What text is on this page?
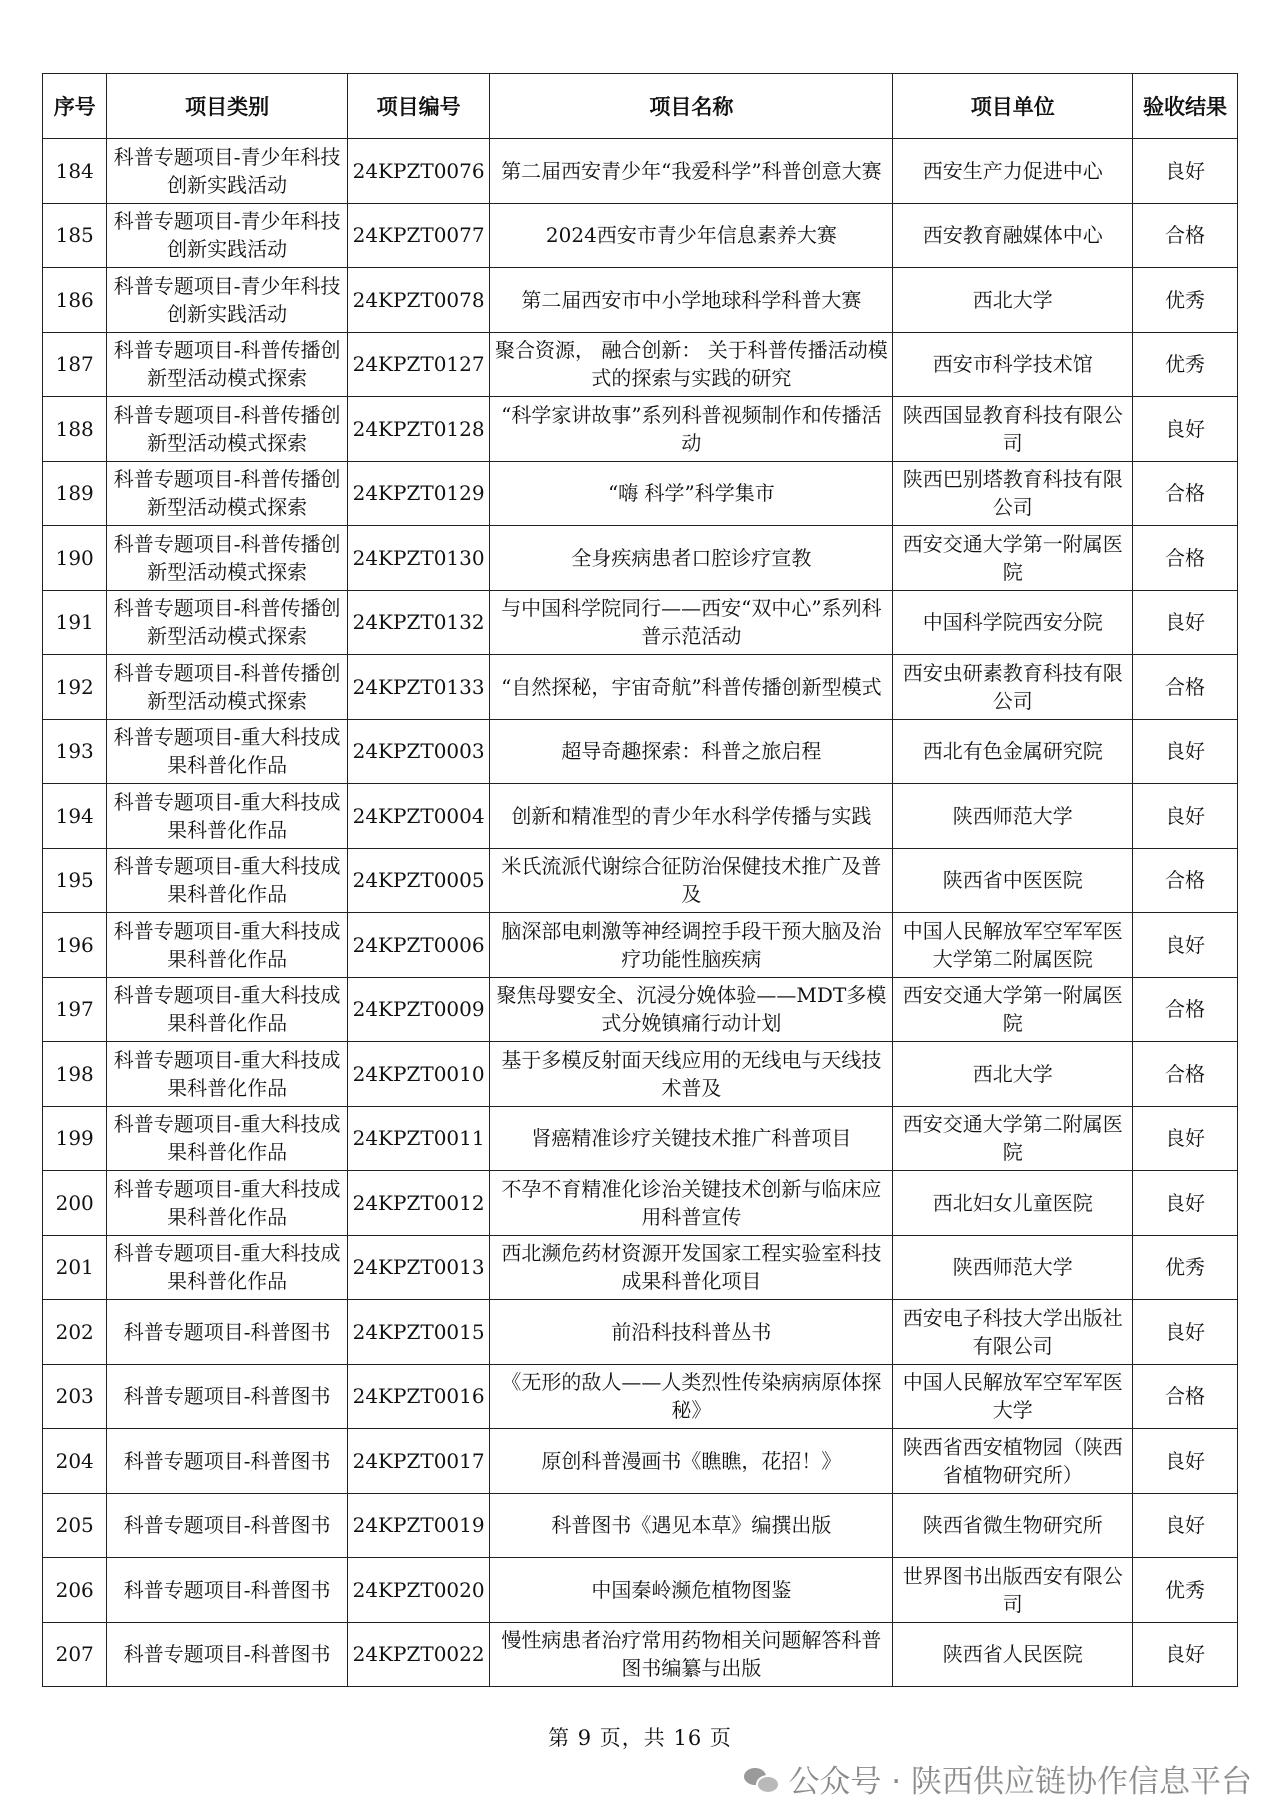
序号	项目类别	项目编号	项目名称	项目单位	验收结果

184	科普专题项目-青少年科技创新实践活动	24KPZT0076	第二届西安青少年“我爱科学”科普创意大赛	西安生产力促进中心	良好

185	科普专题项目-青少年科技创新实践活动	24KPZT0077	2024西安市青少年信息素养大赛	西安教育融媒体中心	合格

186	科普专题项目-青少年科技创新实践活动	24KPZT0078	第二届西安市中小学地球科学科普大赛	西北大学	优秀

187	科普专题项目-科普传播创新型活动模式探索	24KPZT0127	聚合资源， 融合创新： 关于科普传播活动模式的探索与实践的研究	西安市科学技术馆	优秀

188	科普专题项目-科普传播创新型活动模式探索	24KPZT0128	“科学家讲故事”系列科普视频制作和传播活动	陕西国显教育科技有限公司	良好

189	科普专题项目-科普传播创新型活动模式探索	24KPZT0129	“嗨 科学”科学集市	陕西巴别塔教育科技有限公司	合格

190	科普专题项目-科普传播创新型活动模式探索	24KPZT0130	全身疾病患者口腔诊疗宣教	西安交通大学第一附属医院	合格

191	科普专题项目-科普传播创新型活动模式探索	24KPZT0132	与中国科学院同行——西安“双中心”系列科普示范活动	中国科学院西安分院	良好

192	科普专题项目-科普传播创新型活动模式探索	24KPZT0133	“自然探秘，宇宙奇航”科普传播创新型模式	西安虫研素教育科技有限公司	合格

193	科普专题项目-重大科技成果科普化作品	24KPZT0003	超导奇趣探索：科普之旅启程	西北有色金属研究院	良好

194	科普专题项目-重大科技成果科普化作品	24KPZT0004	创新和精准型的青少年水科学传播与实践	陕西师范大学	良好

195	科普专题项目-重大科技成果科普化作品	24KPZT0005	米氏流派代谢综合征防治保健技术推广及普及	陕西省中医医院	合格

196	科普专题项目-重大科技成果科普化作品	24KPZT0006	脑深部电刺激等神经调控手段干预大脑及治疗功能性脑疾病	中国人民解放军空军军医大学第二附属医院	良好

197	科普专题项目-重大科技成果科普化作品	24KPZT0009	聚焦母婴安全、沉浸分娩体验——MDT多模式分娩镇痛行动计划	西安交通大学第一附属医院	合格

198	科普专题项目-重大科技成果科普化作品	24KPZT0010	基于多模反射面天线应用的无线电与天线技术普及	西北大学	合格

199	科普专题项目-重大科技成果科普化作品	24KPZT0011	肾癌精准诊疗关键技术推广科普项目	西安交通大学第二附属医院	良好

200	科普专题项目-重大科技成果科普化作品	24KPZT0012	不孕不育精准化诊治关键技术创新与临床应用科普宣传	西北妇女儿童医院	良好

201	科普专题项目-重大科技成果科普化作品	24KPZT0013	西北濒危药材资源开发国家工程实验室科技成果科普化项目	陕西师范大学	优秀

202	科普专题项目-科普图书	24KPZT0015	前沿科技科普丛书	西安电子科技大学出版社有限公司	良好

203	科普专题项目-科普图书	24KPZT0016	《无形的敌人——人类烈性传染病病原体探秘》	中国人民解放军空军军医大学	合格

204	科普专题项目-科普图书	24KPZT0017	原创科普漫画书《瞧瞧，花招！》	陕西省西安植物园（陕西省植物研究所）	良好

205	科普专题项目-科普图书	24KPZT0019	科普图书《遇见本草》编撰出版	陕西省微生物研究所	良好

206	科普专题项目-科普图书	24KPZT0020	中国秦岭濒危植物图鉴	世界图书出版西安有限公司	优秀

207	科普专题项目-科普图书	24KPZT0022	慢性病患者治疗常用药物相关问题解答科普图书编纂与出版	陕西省人民医院	良好
第 9 页，共 16 页
公众号 · 陕西供应链协作信息平台
